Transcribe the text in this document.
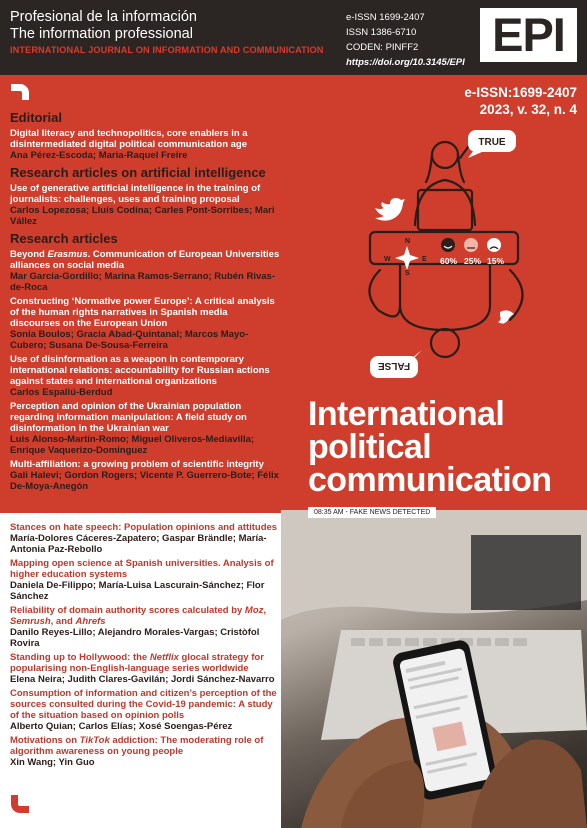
Profesional de la información
The information professional
INTERNATIONAL JOURNAL ON INFORMATION AND COMMUNICATION
e-ISSN 1699-2407
ISSN 1386-6710
CODEN: PINFF2
https://doi.org/10.3145/EPI
EPI
Editorial
Digital literacy and technopolitics, core enablers in a disintermediated digital political communication age
Ana Pérez-Escoda; Maria-Raquel Freire
Research articles on artificial intelligence
Use of generative artificial intelligence in the training of journalists: challenges, uses and training proposal
Carlos Lopezosa; Lluís Codina; Carles Pont-Sorribes; Mari Vállez
Research articles
Beyond Erasmus. Communication of European Universities alliances on social media
Mar García-Gordillo; Marina Ramos-Serrano; Rubén Rivas-de-Roca
Constructing ‘Normative power Europe’: A critical analysis of the human rights narratives in Spanish media discourses on the European Union
Sonia Boulos; Gracia Abad-Quintanal; Marcos Mayo-Cubero; Susana De-Sousa-Ferreira
Use of disinformation as a weapon in contemporary international relations: accountability for Russian actions against states and international organizations
Carlos Espaliú-Berdud
Perception and opinion of the Ukrainian population regarding information manipulation: A field study on disinformation in the Ukrainian war
Luis Alonso-Martín-Romo; Miguel Oliveros-Mediavilla; Enrique Vaquerizo-Domínguez
Multi-affiliation: a growing problem of scientific integrity
Gali Halevi; Gordon Rogers; Vicente P. Guerrero-Bote; Félix De-Moya-Anegón
Stances on hate speech: Population opinions and attitudes
María-Dolores Cáceres-Zapatero; Gaspar Brändle; María-Antonia Paz-Rebollo
Mapping open science at Spanish universities. Analysis of higher education systems
Daniela De-Filippo; María-Luisa Lascurain-Sánchez; Flor Sánchez
Reliability of domain authority scores calculated by Moz, Semrush, and Ahrefs
Danilo Reyes-Lillo; Alejandro Morales-Vargas; Cristòfol Rovira
Standing up to Hollywood: the Netflix glocal strategy for popularising non-English-language series worldwide
Elena Neira; Judith Clares-Gavilán; Jordi Sánchez-Navarro
Consumption of information and citizen’s perception of the sources consulted during the Covid-19 pandemic: A study of the situation based on opinion polls
Alberto Quian; Carlos Elías; Xosé Soengas-Pérez
Motivations on TikTok addiction: The moderating role of algorithm awareness on young people
Xin Wang; Yin Guo
e-ISSN:1699-2407
2023, v. 32, n. 4
TRUE
FALSE
N
S
W	E 60% 25% 15%
International
political
communication
08:35 AM - FAKE NEWS DETECTED
